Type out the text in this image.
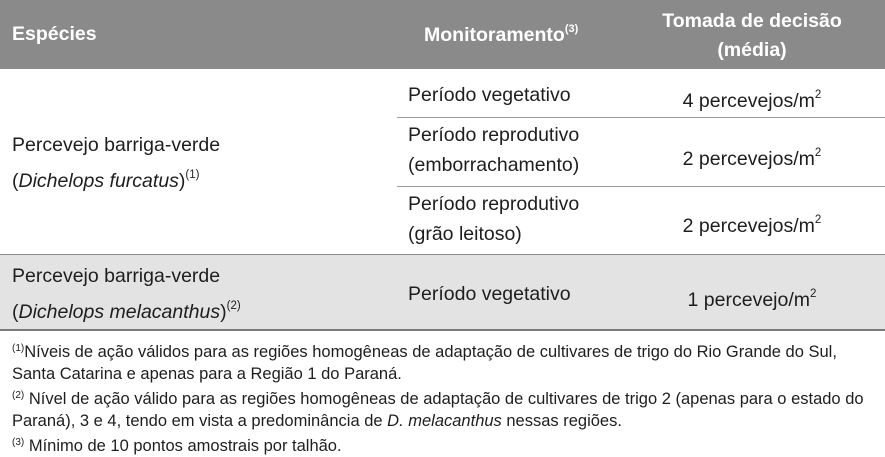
Espécies	Monitoramento$^{(3)}$	Tomada de decisão
(média)
Percevejo barriga-verde
(Dichelops furcatus)$^{(1)}$
Período vegetativo	4 percevejos/$m^2$
Período reprodutivo
(emborrachamento)	2 percevejos/$m^2$
Período reprodutivo
(grão leitoso)	2 percevejos/$m^2$
Percevejo barriga-verde
(Dichelops melacanthus)$^{(2)}$
Período vegetativo	1 percevejo/$m^2$
$^{(1)}$Níveis de ação válidos para as regiões homogêneas de adaptação de cultivares de trigo do Rio Grande do Sul, Santa Catarina e apenas para a Região 1 do Paraná.
$^{(2)}$ Nível de ação válido para as regiões homogêneas de adaptação de cultivares de trigo 2 (apenas para o estado do Paraná), 3 e 4, tendo em vista a predominância de D. melacanthus nessas regiões.
$^{(3)}$ Mínimo de 10 pontos amostrais por talhão.
